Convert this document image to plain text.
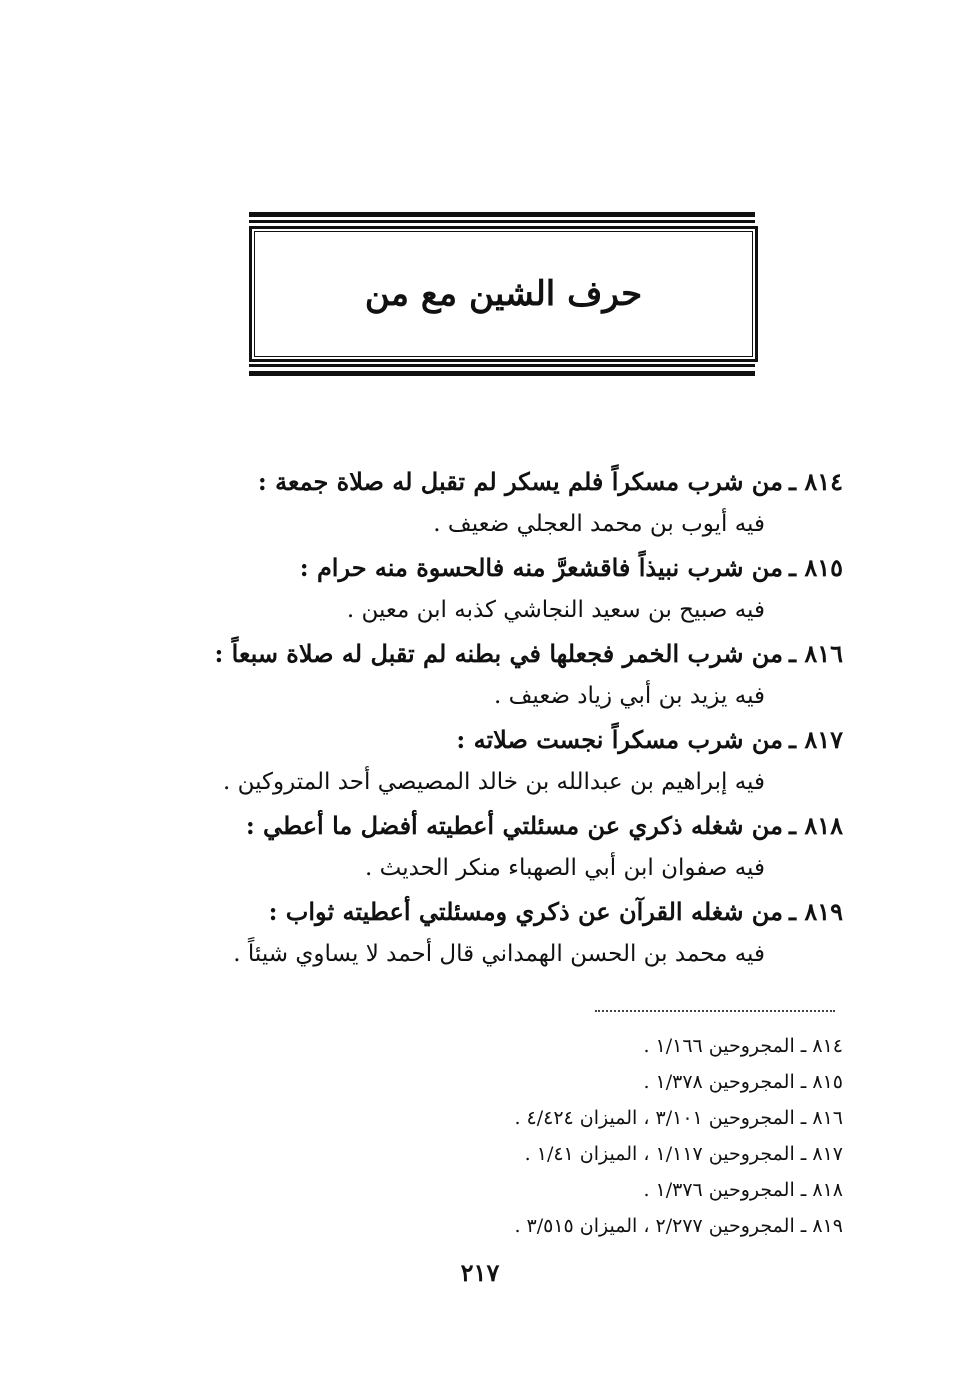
حرف الشين مع من
٨١٤ ـمن شرب مسكراً فلم يسكر لم تقبل له صلاة جمعة :
فيه أيوب بن محمد العجلي ضعيف .
٨١٥ ـمن شرب نبيذاً فاقشعرَّ منه فالحسوة منه حرام :
فيه صبيح بن سعيد النجاشي كذبه ابن معين .
٨١٦ ـمن شرب الخمر فجعلها في بطنه لم تقبل له صلاة سبعاً :
فيه يزيد بن أبي زياد ضعيف .
٨١٧ ـمن شرب مسكراً نجست صلاته :
فيه إبراهيم بن عبدالله بن خالد المصيصي أحد المتروكين .
٨١٨ ـمن شغله ذكري عن مسئلتي أعطيته أفضل ما أعطي :
فيه صفوان ابن أبي الصهباء منكر الحديث .
٨١٩ ـمن شغله القرآن عن ذكري ومسئلتي أعطيته ثواب :
فيه محمد بن الحسن الهمداني قال أحمد لا يساوي شيئاً .
٨١٤ ـ المجروحين ١/١٦٦ .
٨١٥ ـ المجروحين ١/٣٧٨ .
٨١٦ ـ المجروحين ٣/١٠١ ، الميزان ٤/٤٢٤ .
٨١٧ ـ المجروحين ١/١١٧ ، الميزان ١/٤١ .
٨١٨ ـ المجروحين ١/٣٧٦ .
٨١٩ ـ المجروحين ٢/٢٧٧ ، الميزان ٣/٥١٥ .
٢١٧
